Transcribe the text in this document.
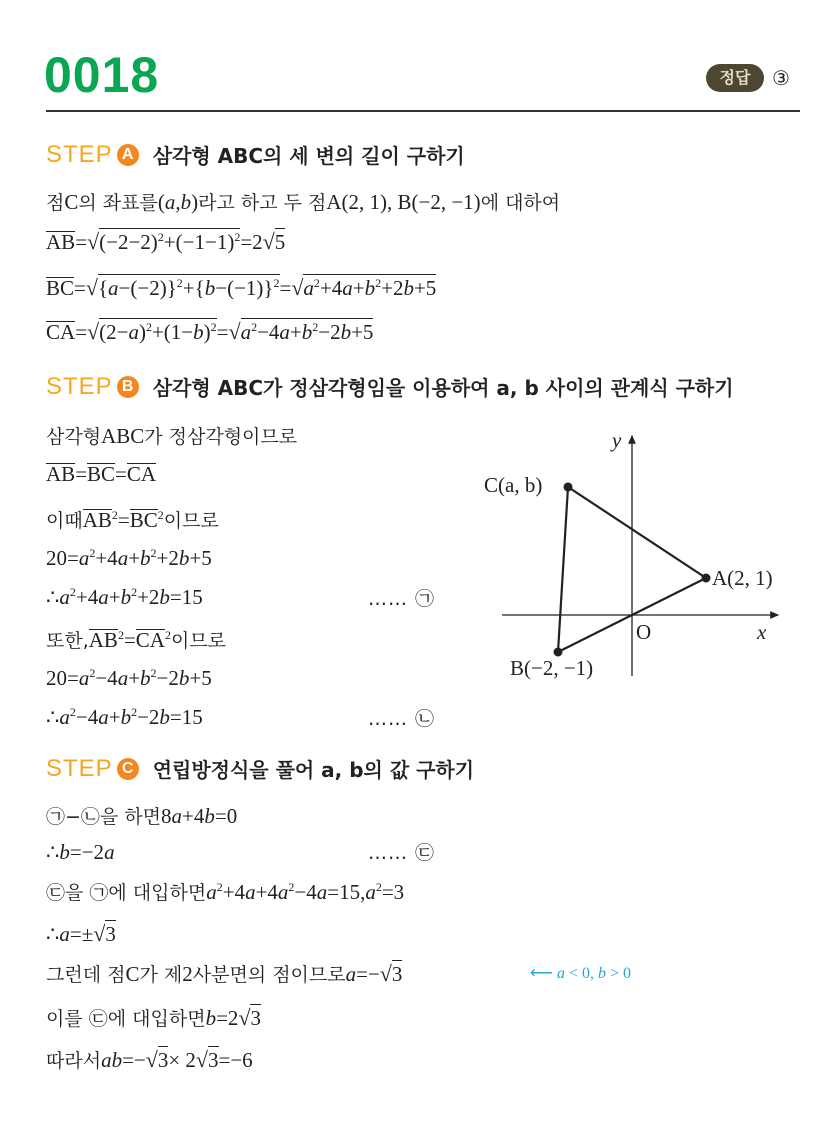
0018	정답	③
STEP A 삼각형 ABC의 세 변의 길이 구하기
STEP B 삼각형 ABC가 정삼각형임을 이용하여 a, b 사이의 관계식 구하기
STEP C 연립방정식을 풀어 a, b의 값 구하기
점 C 의 좌표를 ( a , b ) 라고 하고 두 점 A(2, 1), B(−2, −1) 에 대하여
AB = √ (−2−2) 2 +(−1−1) 2 =2 √ 5
BC = √ { a −(−2)} 2 +{ b −(−1)} 2 = √ a 2 +4 a + b 2 +2 b +5
CA = √ (2− a ) 2 +(1− b ) 2 = √ a 2 −4 a + b 2 −2 b +5
삼각형 ABC 가 정삼각형이므로
AB = BC = CA
이때 AB 2 = BC 2 이므로
20= a 2 +4 a + b 2 +2 b +5
∴ a 2 +4 a + b 2 +2 b =15
또한, AB 2 = CA 2 이므로
20= a 2 −4 a + b 2 −2 b +5
∴ a 2 −4 a + b 2 −2 b =15
㉠−㉡을 하면 8 a +4 b =0
∴ b =−2 a
㉢을 ㉠에 대입하면 a 2 +4 a +4 a 2 −4 a =15, a 2 =3
∴ a =± √ 3
그런데 점 C 가 제 2 사분면의 점이므로 a =− √ 3
이를 ㉢에 대입하면 b =2 √ 3
따라서 ab =− √ 3 × 2 √ 3 =−6
…… ㉠
…… ㉡
…… ㉢
⟵ a < 0, b > 0
O	x
y
A(2, 1)
B(−2, −1)
C(a, b)
